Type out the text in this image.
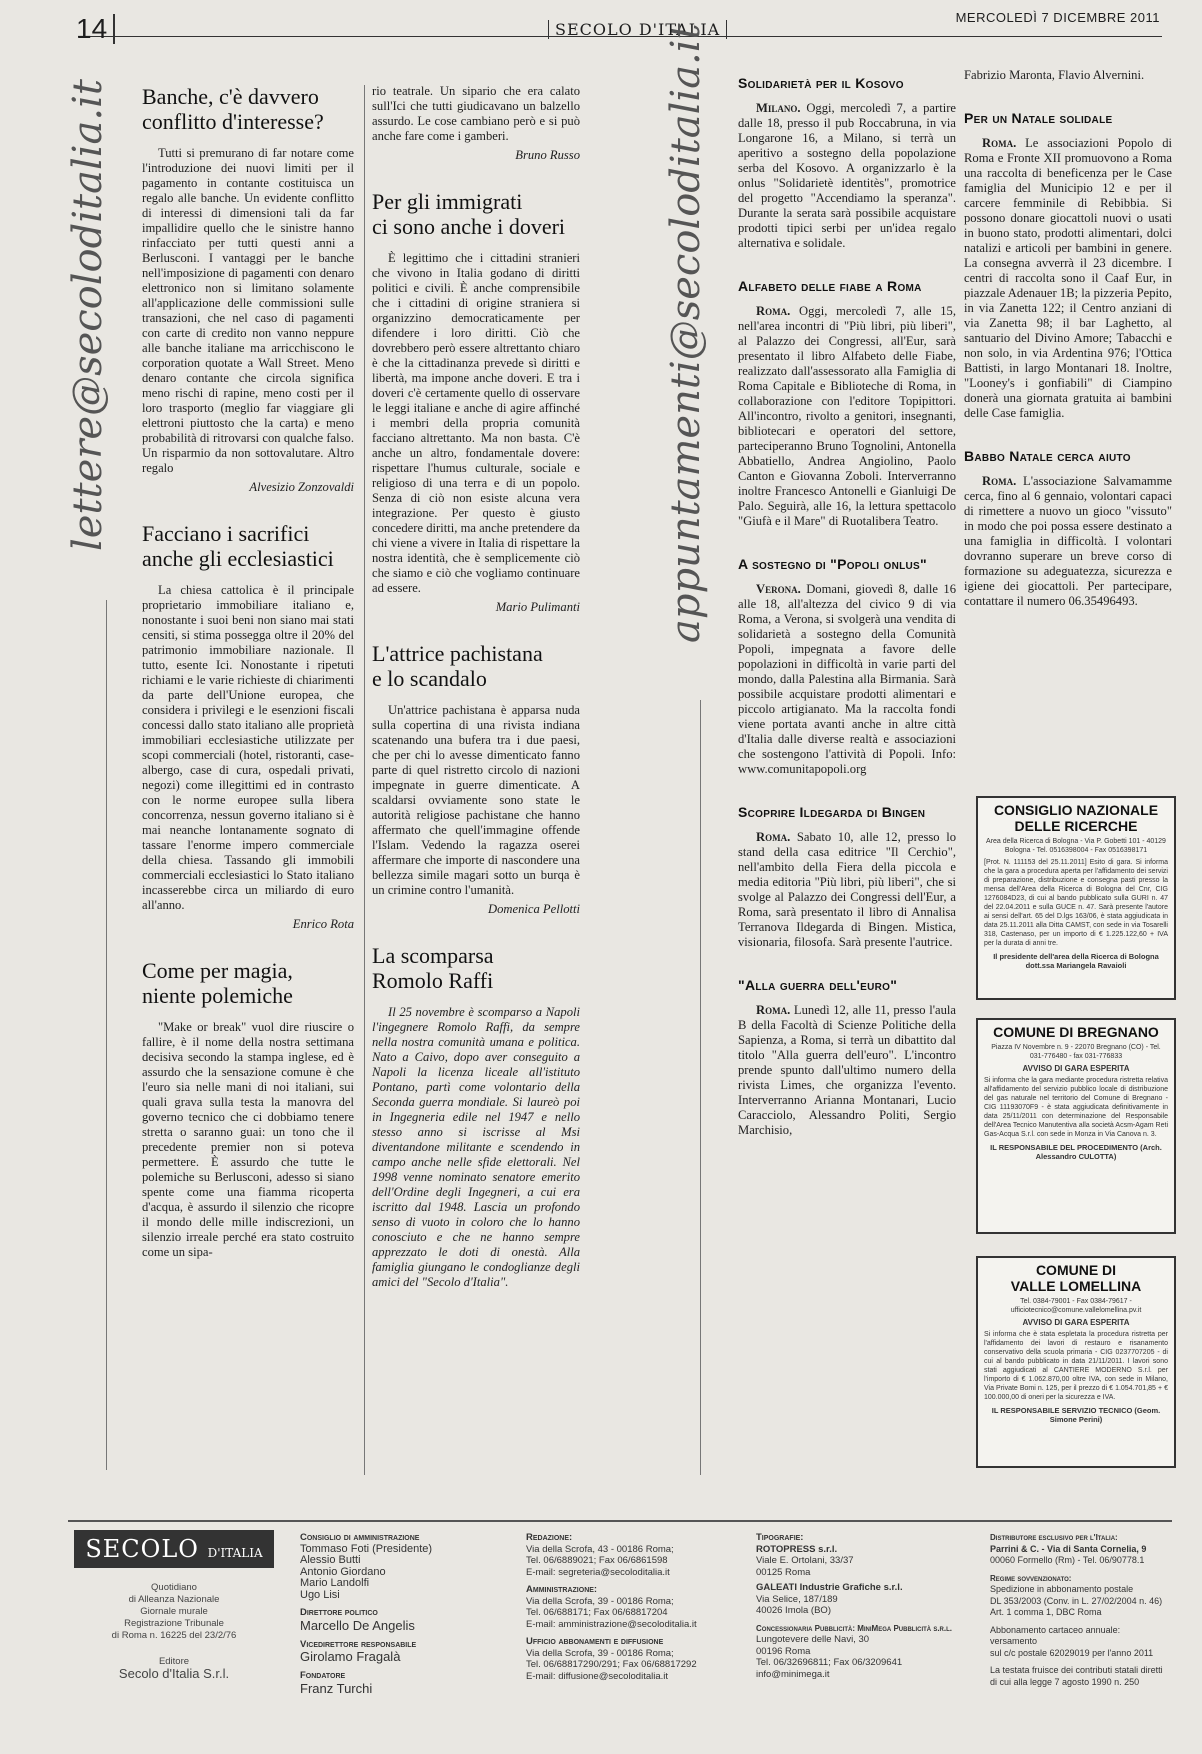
14	SECOLO D'ITALIA
MERCOLEDÌ 7 DICEMBRE 2011
lettere@secoloditalia.it	appuntamenti@secoloditalia.it
Banche, c'è davvero
conflitto d'interesse?

Tutti si premurano di far notare come l'introduzione dei nuovi limiti per il pagamento in contante costituisca un regalo alle banche. Un evidente conflitto di interessi di dimensioni tali da far impallidire quello che le sinistre hanno rinfacciato per tutti questi anni a Berlusconi. I vantaggi per le banche nell'imposizione di pagamenti con denaro elettronico non si limitano solamente all'applicazione delle commissioni sulle transazioni, che nel caso di pagamenti con carte di credito non vanno neppure alle banche italiane ma arricchiscono le corporation quotate a Wall Street. Meno denaro contante che circola significa meno rischi di rapine, meno costi per il loro trasporto (meglio far viaggiare gli elettroni piuttosto che la carta) e meno probabilità di ritrovarsi con qualche falso. Un risparmio da non sottovalutare. Altro regalo

Alvesizio Zonzovaldi
Facciano i sacrifici
anche gli ecclesiastici

La chiesa cattolica è il principale proprietario immobiliare italiano e, nonostante i suoi beni non siano mai stati censiti, si stima possegga oltre il 20% del patrimonio immobiliare nazionale. Il tutto, esente Ici. Nonostante i ripetuti richiami e le varie richieste di chiarimenti da parte dell'Unione europea, che considera i privilegi e le esenzioni fiscali concessi dallo stato italiano alle proprietà immobiliari ecclesiastiche utilizzate per scopi commerciali (hotel, ristoranti, case-albergo, case di cura, ospedali privati, negozi) come illegittimi ed in contrasto con le norme europee sulla libera concorrenza, nessun governo italiano si è mai neanche lontanamente sognato di tassare l'enorme impero commerciale della chiesa. Tassando gli immobili commerciali ecclesiastici lo Stato italiano incasserebbe circa un miliardo di euro all'anno.

Enrico Rota
Come per magia,
niente polemiche

"Make or break" vuol dire riuscire o fallire, è il nome della nostra settimana decisiva secondo la stampa inglese, ed è assurdo che la sensazione comune è che l'euro sia nelle mani di noi italiani, sui quali grava sulla testa la manovra del governo tecnico che ci dobbiamo tenere stretta o saranno guai: un tono che il precedente premier non si poteva permettere. È assurdo che tutte le polemiche su Berlusconi, adesso si siano spente come una fiamma ricoperta d'acqua, è assurdo il silenzio che ricopre il mondo delle mille indiscrezioni, un silenzio irreale perché era stato costruito come un sipa-

rio teatrale. Un sipario che era calato sull'Ici che tutti giudicavano un balzello assurdo. Le cose cambiano però e si può anche fare come i gamberi.

Bruno Russo
Per gli immigrati
ci sono anche i doveri

È legittimo che i cittadini stranieri che vivono in Italia godano di diritti politici e civili. È anche comprensibile che i cittadini di origine straniera si organizzino democraticamente per difendere i loro diritti. Ciò che dovrebbero però essere altrettanto chiaro è che la cittadinanza prevede sì diritti e libertà, ma impone anche doveri. E tra i doveri c'è certamente quello di osservare le leggi italiane e anche di agire affinché i membri della propria comunità facciano altrettanto. Ma non basta. C'è anche un altro, fondamentale dovere: rispettare l'humus culturale, sociale e religioso di una terra e di un popolo. Senza di ciò non esiste alcuna vera integrazione. Per questo è giusto concedere diritti, ma anche pretendere da chi viene a vivere in Italia di rispettare la nostra identità, che è semplicemente ciò che siamo e ciò che vogliamo continuare ad essere.

Mario Pulimanti
L'attrice pachistana
e lo scandalo

Un'attrice pachistana è apparsa nuda sulla copertina di una rivista indiana scatenando una bufera tra i due paesi, che per chi lo avesse dimenticato fanno parte di quel ristretto circolo di nazioni impegnate in guerre dimenticate. A scaldarsi ovviamente sono state le autorità religiose pachistane che hanno affermato che quell'immagine offende l'Islam. Vedendo la ragazza oserei affermare che importe di nascondere una bellezza simile magari sotto un burqa è un crimine contro l'umanità.

Domenica Pellotti
La scomparsa
Romolo Raffi

Il 25 novembre è scomparso a Napoli l'ingegnere Romolo Raffi, da sempre nella nostra comunità umana e politica. Nato a Caivo, dopo aver conseguito a Napoli la licenza liceale all'istituto Pontano, partì come volontario della Seconda guerra mondiale. Si laureò poi in Ingegneria edile nel 1947 e nello stesso anno si iscrisse al Msi diventandone militante e scendendo in campo anche nelle sfide elettorali. Nel 1998 venne nominato senatore emerito dell'Ordine degli Ingegneri, a cui era iscritto dal 1948. Lascia un profondo senso di vuoto in coloro che lo hanno conosciuto e che ne hanno sempre apprezzato le doti di onestà. Alla famiglia giungano le condoglianze degli amici del "Secolo d'Italia".

Solidarietà per il Kosovo

Milano. Oggi, mercoledì 7, a partire dalle 18, presso il pub Roccabruna, in via Longarone 16, a Milano, si terrà un aperitivo a sostegno della popolazione serba del Kosovo. A organizzarlo è la onlus "Solidarietè identitès", promotrice del progetto "Accendiamo la speranza". Durante la serata sarà possibile acquistare prodotti tipici serbi per un'idea regalo alternativa e solidale.

Alfabeto delle fiabe a Roma

Roma. Oggi, mercoledì 7, alle 15, nell'area incontri di "Più libri, più liberi", al Palazzo dei Congressi, all'Eur, sarà presentato il libro Alfabeto delle Fiabe, realizzato dall'assessorato alla Famiglia di Roma Capitale e Biblioteche di Roma, in collaborazione con l'editore Topipittori. All'incontro, rivolto a genitori, insegnanti, bibliotecari e operatori del settore, parteciperanno Bruno Tognolini, Antonella Abbatiello, Andrea Angiolino, Paolo Canton e Giovanna Zoboli. Interverranno inoltre Francesco Antonelli e Gianluigi De Palo. Seguirà, alle 16, la lettura spettacolo "Giufà e il Mare" di Ruotalibera Teatro.

A sostegno di "Popoli onlus"

Verona. Domani, giovedì 8, dalle 16 alle 18, all'altezza del civico 9 di via Roma, a Verona, si svolgerà una vendita di solidarietà a sostegno della Comunità Popoli, impegnata a favore delle popolazioni in difficoltà in varie parti del mondo, dalla Palestina alla Birmania. Sarà possibile acquistare prodotti alimentari e piccolo artigianato. Ma la raccolta fondi viene portata avanti anche in altre città d'Italia dalle diverse realtà e associazioni che sostengono l'attività di Popoli. Info: www.comunitapopoli.org

Scoprire Ildegarda di Bingen

Roma. Sabato 10, alle 12, presso lo stand della casa editrice "Il Cerchio", nell'ambito della Fiera della piccola e media editoria "Più libri, più liberi", che si svolge al Palazzo dei Congressi dell'Eur, a Roma, sarà presentato il libro di Annalisa Terranova Ildegarda di Bingen. Mistica, visionaria, filosofa. Sarà presente l'autrice.

"Alla guerra dell'euro"

Roma. Lunedì 12, alle 11, presso l'aula B della Facoltà di Scienze Politiche della Sapienza, a Roma, si terrà un dibattito dal titolo "Alla guerra dell'euro". L'incontro prende spunto dall'ultimo numero della rivista Limes, che organizza l'evento. Interverranno Arianna Montanari, Lucio Caracciolo, Alessandro Politi, Sergio Marchisio,

Fabrizio Maronta, Flavio Alvernini.

Per un Natale solidale

Roma. Le associazioni Popolo di Roma e Fronte XII promuovono a Roma una raccolta di beneficenza per le Case famiglia del Municipio 12 e per il carcere femminile di Rebibbia. Si possono donare giocattoli nuovi o usati in buono stato, prodotti alimentari, dolci natalizi e articoli per bambini in genere. La consegna avverrà il 23 dicembre. I centri di raccolta sono il Caaf Eur, in piazzale Adenauer 1B; la pizzeria Pepito, in via Zanetta 122; il Centro anziani di via Zanetta 98; il bar Laghetto, al santuario del Divino Amore; Tabacchi e non solo, in via Ardentina 976; l'Ottica Battisti, in largo Montanari 18. Inoltre, "Looney's i gonfiabili" di Ciampino donerà una giornata gratuita ai bambini delle Case famiglia.

Babbo Natale cerca aiuto

Roma. L'associazione Salvamamme cerca, fino al 6 gennaio, volontari capaci di rimettere a nuovo un gioco "vissuto" in modo che poi possa essere destinato a una famiglia in difficoltà. I volontari dovranno superare un breve corso di formazione su adeguatezza, sicurezza e igiene dei giocattoli. Per partecipare, contattare il numero 06.35496493.

CONSIGLIO NAZIONALE
DELLE RICERCHE
Area della Ricerca di Bologna - Via P. Gobetti 101 - 40129 Bologna - Tel. 0516398004 - Fax 0516398171
[Prot. N. 111153 del 25.11.2011] Esito di gara. Si informa che la gara a procedura aperta per l'affidamento dei servizi di preparazione, distribuzione e consegna pasti presso la mensa dell'Area della Ricerca di Bologna del Cnr, CIG 1276084D23, di cui al bando pubblicato sulla GURI n. 47 del 22.04.2011 e sulla GUCE n. 47. Sarà presente l'autore ai sensi dell'art. 65 del D.lgs 163/06, è stata aggiudicata in data 25.11.2011 alla Ditta CAMST, con sede in via Tosarelli 318, Castenaso, per un importo di € 1.225.122,60 + IVA per la durata di anni tre.
Il presidente dell'area della Ricerca di Bologna dott.ssa Mariangela Ravaioli
COMUNE DI BREGNANO
Piazza IV Novembre n. 9 - 22070 Bregnano (CO) - Tel. 031-776480 - fax 031-776833
AVVISO DI GARA ESPERITA
Si informa che la gara mediante procedura ristretta relativa all'affidamento del servizio pubblico locale di distribuzione del gas naturale nel territorio del Comune di Bregnano - CIG 11193070F9 - è stata aggiudicata definitivamente in data 25/11/2011 con determinazione del Responsabile dell'Area Tecnico Manutentiva alla società Acsm-Agam Reti Gas-Acqua S.r.l. con sede in Monza in Via Canova n. 3.
IL RESPONSABILE DEL PROCEDIMENTO (Arch. Alessandro CULOTTA)
COMUNE DI
VALLE LOMELLINA
Tel. 0384-79001 - Fax 0384-79617 - ufficiotecnico@comune.vallelomellina.pv.it
AVVISO DI GARA ESPERITA
Si informa che è stata espletata la procedura ristretta per l'affidamento dei lavori di restauro e risanamento conservativo della scuola primaria - CIG 0237707205 - di cui al bando pubblicato in data 21/11/2011. I lavori sono stati aggiudicati al CANTIERE MODERNO S.r.l. per l'importo di € 1.062.870,00 oltre IVA, con sede in Milano, Via Private Bomi n. 125, per il prezzo di € 1.054.701,85 + € 100.000,00 di oneri per la sicurezza e IVA.
IL RESPONSABILE SERVIZIO TECNICO (Geom. Simone Perini)
SECOLO D'ITALIA
Quotidiano
di Alleanza Nazionale
Giornale murale
Registrazione Tribunale
di Roma n. 16225 del 23/2/76
Editore
Secolo d'Italia S.r.l.
Consiglio di amministrazione
Tommaso Foti (Presidente)
Alessio Butti
Antonio Giordano
Mario Landolfi
Ugo Lisi
Direttore politico
Marcello De Angelis
Vicedirettore responsabile
Girolamo Fragalà
Fondatore
Franz Turchi
Redazione:
Via della Scrofa, 43 - 00186 Roma;
Tel. 06/6889021; Fax 06/6861598
E-mail: segreteria@secoloditalia.it
Amministrazione:
Via della Scrofa, 39 - 00186 Roma;
Tel. 06/688171; Fax 06/68817204
E-mail: amministrazione@secoloditalia.it
Ufficio abbonamenti e diffusione
Via della Scrofa, 39 - 00186 Roma;
Tel. 06/68817290/291; Fax 06/68817292
E-mail: diffusione@secoloditalia.it
Tipografie:
ROTOPRESS s.r.l.
Viale E. Ortolani, 33/37
00125 Roma
GALEATI Industrie Grafiche s.r.l.
Via Selice, 187/189
40026 Imola (BO)
Concessionaria Pubblicità: MiniMega Pubblicità s.r.l.
Lungotevere delle Navi, 30
00196 Roma
Tel. 06/32696811; Fax 06/3209641
info@minimega.it
Distributore esclusivo per l'Italia:
Parrini & C. - Via di Santa Cornelia, 9
00060 Formello (Rm) - Tel. 06/90778.1
Regime sovvenzionato:
Spedizione in abbonamento postale
DL 353/2003 (Conv. in L. 27/02/2004 n. 46)
Art. 1 comma 1, DBC Roma
Abbonamento cartaceo annuale: versamento
sul c/c postale 62029019 per l'anno 2011
La testata fruisce dei contributi statali diretti
di cui alla legge 7 agosto 1990 n. 250
